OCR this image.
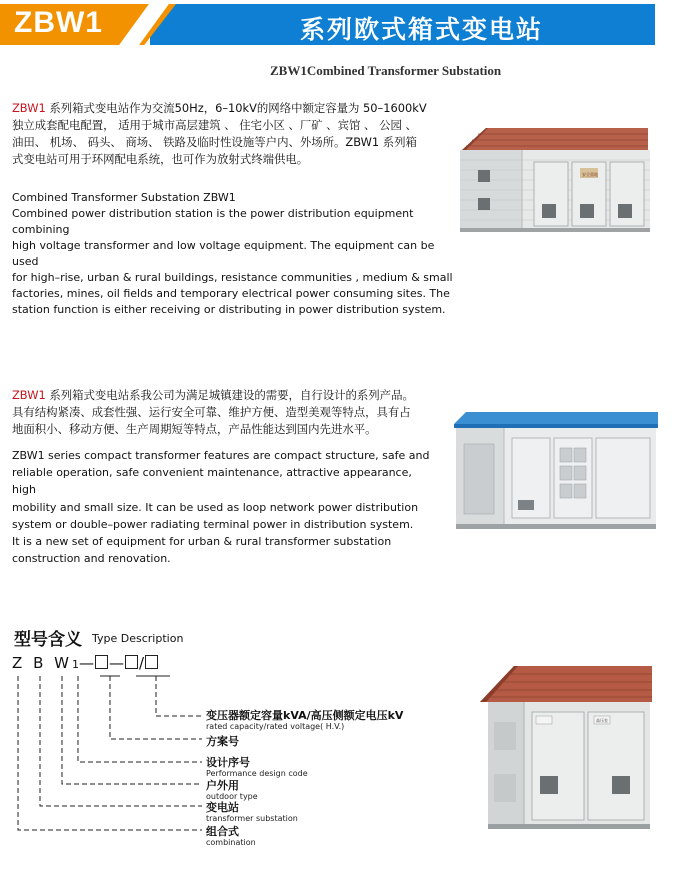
ZBW1	系列欧式箱式变电站
ZBW1Combined Transformer Substation
ZBW1 系列箱式变电站作为交流50Hz，6–10kV的网络中额定容量为 50–1600kV
独立成套配电配置， 适用于城市高层建筑 、 住宅小区 、厂矿 、宾馆 、 公园 、
油田、 机场、 码头、 商场、 铁路及临时性设施等户内、外场所。ZBW1 系列箱
式变电站可用于环网配电系统，也可作为放射式终端供电。
Combined Transformer Substation ZBW1
Combined power distribution station is the power distribution equipment combining
high voltage transformer and low voltage equipment. The equipment can be used
for high–rise, urban & rural buildings, resistance communities , medium & small
factories, mines, oil fields and temporary electrical power consuming sites. The
station function is either receiving or distributing in power distribution system.
安全重地
ZBW1 系列箱式变电站系我公司为满足城镇建设的需要，自行设计的系列产品。
具有结构紧凑、成套性强、运行安全可靠、维护方便、造型美观等特点，具有占
地面积小、移动方便、生产周期短等特点，产品性能达到国内先进水平。
ZBW1 series compact transformer features are compact structure, safe and
reliable operation, safe convenient maintenance, attractive appearance, high
mobility and small size. It can be used as loop network power distribution
system or double–power radiating terminal power in distribution system.
It is a new set of equipment for urban & rural transformer substation
construction and renovation.
型号含义 Type Description
Z B W1— — /
变压器额定容量kVA/高压侧额定电压kV
rated capacity/rated voltage( H.V.)
方案号
设计序号
Performance design code
户外用
outdoor type
变电站
transformer substation
组合式
combination
高压室
